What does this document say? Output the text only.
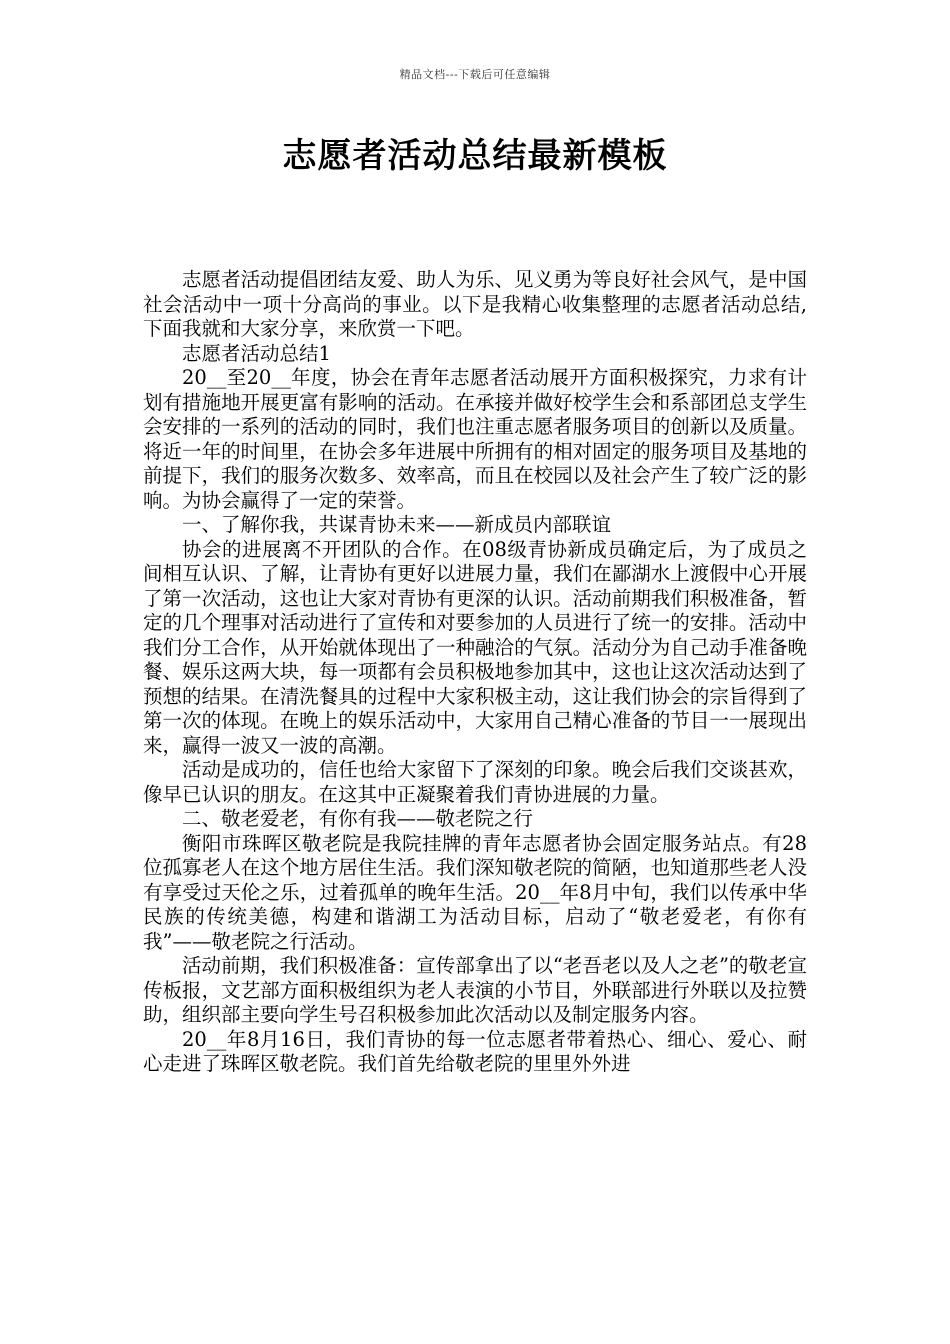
精品文档---下载后可任意编辑
志愿者活动总结最新模板

志愿者活动提倡团结友爱、助人为乐、见义勇为等良好社会风气，是中国社会活动中一项十分高尚的事业。以下是我精心收集整理的志愿者活动总结,下面我就和大家分享，来欣赏一下吧。

志愿者活动总结1

20__至20__年度，协会在青年志愿者活动展开方面积极探究，力求有计划有措施地开展更富有影响的活动。在承接并做好校学生会和系部团总支学生会安排的一系列的活动的同时，我们也注重志愿者服务项目的创新以及质量。将近一年的时间里，在协会多年进展中所拥有的相对固定的服务项目及基地的前提下，我们的服务次数多、效率高，而且在校园以及社会产生了较广泛的影响。为协会赢得了一定的荣誉。

一、了解你我，共谋青协未来——新成员内部联谊

协会的进展离不开团队的合作。在08级青协新成员确定后，为了成员之间相互认识、了解，让青协有更好以进展力量，我们在鄙湖水上渡假中心开展了第一次活动，这也让大家对青协有更深的认识。活动前期我们积极准备，暂定的几个理事对活动进行了宣传和对要参加的人员进行了统一的安排。活动中我们分工合作，从开始就体现出了一种融洽的气氛。活动分为自己动手准备晚餐、娱乐这两大块，每一项都有会员积极地参加其中，这也让这次活动达到了预想的结果。在清洗餐具的过程中大家积极主动，这让我们协会的宗旨得到了第一次的体现。在晚上的娱乐活动中，大家用自己精心准备的节目一一展现出来，赢得一波又一波的高潮。

活动是成功的，信任也给大家留下了深刻的印象。晚会后我们交谈甚欢，像早已认识的朋友。在这其中正凝聚着我们青协进展的力量。

二、敬老爱老，有你有我——敬老院之行

衡阳市珠晖区敬老院是我院挂牌的青年志愿者协会固定服务站点。有28位孤寡老人在这个地方居住生活。我们深知敬老院的简陋，也知道那些老人没有享受过天伦之乐，过着孤单的晚年生活。20__年8月中旬，我们以传承中华民族的传统美德，构建和谐湖工为活动目标，启动了“敬老爱老，有你有我”——敬老院之行活动。

活动前期，我们积极准备：宣传部拿出了以“老吾老以及人之老”的敬老宣传板报，文艺部方面积极组织为老人表演的小节目，外联部进行外联以及拉赞助，组织部主要向学生号召积极参加此次活动以及制定服务内容。

20__年8月16日，我们青协的每一位志愿者带着热心、细心、爱心、耐心走进了珠晖区敬老院。我们首先给敬老院的里里外外进
